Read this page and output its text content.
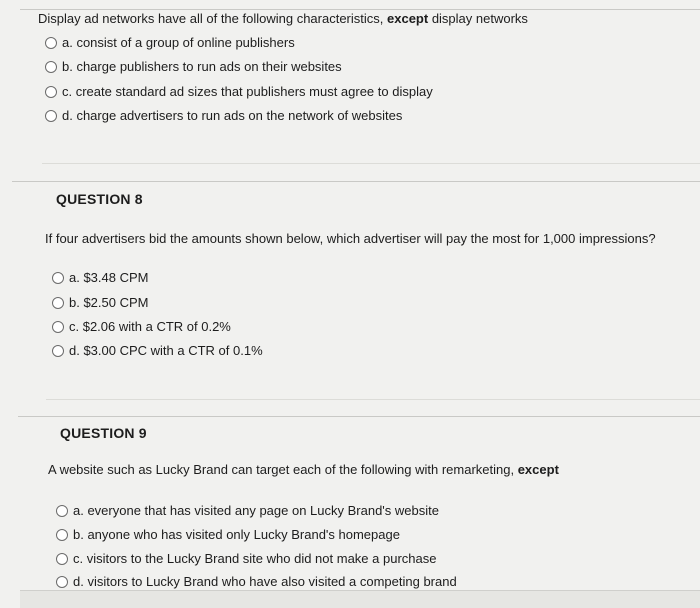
Display ad networks have all of the following characteristics, except display networks
a. consist of a group of online publishers
b. charge publishers to run ads on their websites
c. create standard ad sizes that publishers must agree to display
d. charge advertisers to run ads on the network of websites
QUESTION 8
If four advertisers bid the amounts shown below, which advertiser will pay the most for 1,000 impressions?
a. $3.48 CPM
b. $2.50 CPM
c. $2.06 with a CTR of 0.2%
d. $3.00 CPC with a CTR of 0.1%
QUESTION 9
A website such as Lucky Brand can target each of the following with remarketing, except
a. everyone that has visited any page on Lucky Brand's website
b. anyone who has visited only Lucky Brand's homepage
c. visitors to the Lucky Brand site who did not make a purchase
d. visitors to Lucky Brand who have also visited a competing brand
